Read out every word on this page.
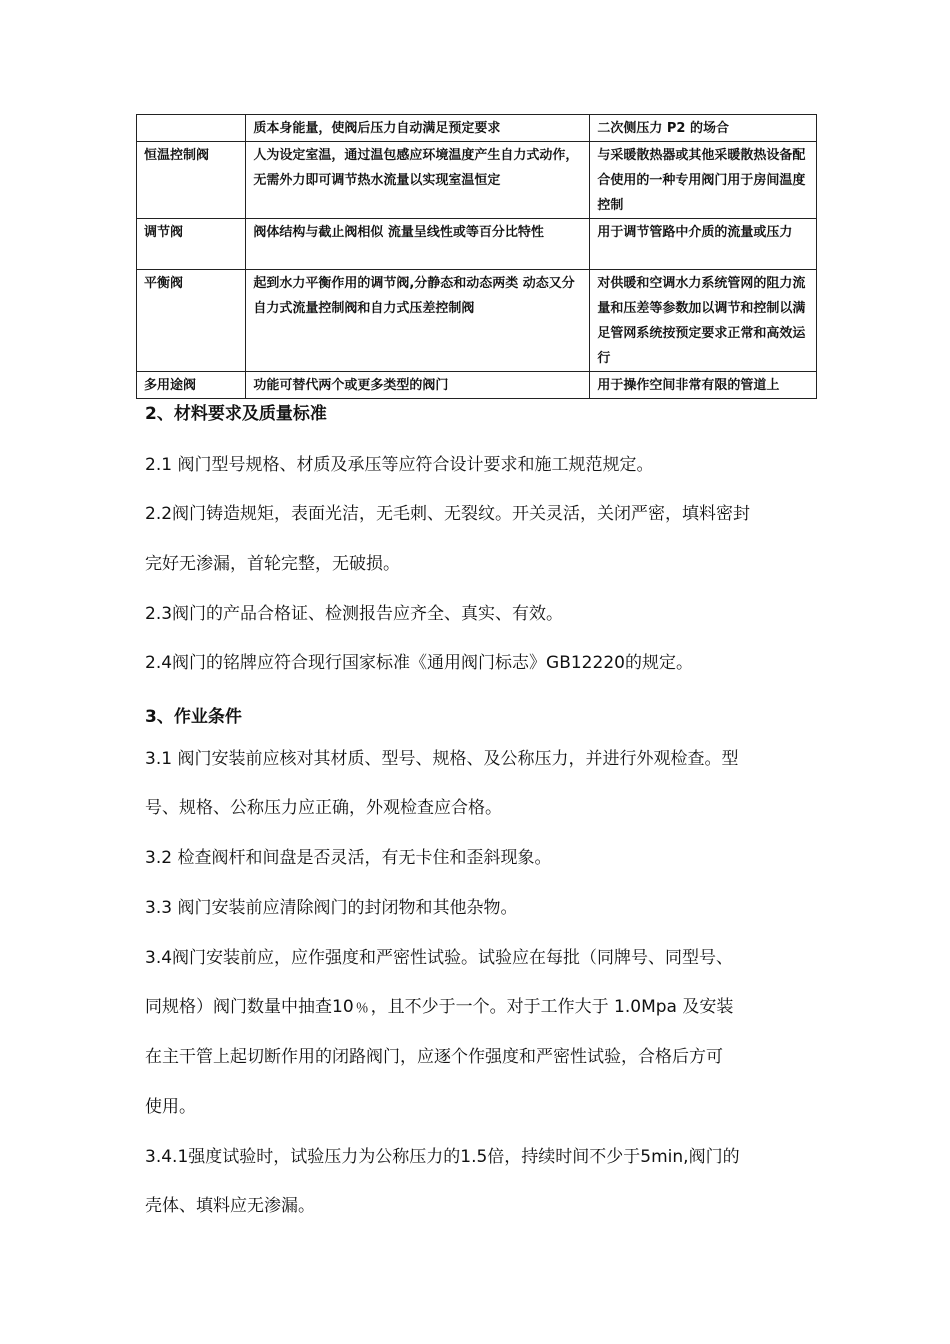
	质本身能量，使阀后压力自动满足预定要求	二次侧压力 P2 的场合
恒温控制阀	人为设定室温，通过温包感应环境温度产生自力式动作，无需外力即可调节热水流量以实现室温恒定	与采暖散热器或其他采暖散热设备配合使用的一种专用阀门用于房间温度控制
调节阀	阀体结构与截止阀相似 流量呈线性或等百分比特性	用于调节管路中介质的流量或压力
平衡阀	起到水力平衡作用的调节阀,分静态和动态两类 动态又分自力式流量控制阀和自力式压差控制阀	对供暖和空调水力系统管网的阻力流量和压差等参数加以调节和控制以满足管网系统按预定要求正常和高效运行
多用途阀	功能可替代两个或更多类型的阀门	用于操作空间非常有限的管道上
2、材料要求及质量标准

2.1 阀门型号规格、材质及承压等应符合设计要求和施工规范规定。

2.2阀门铸造规矩，表面光洁，无毛刺、无裂纹。开关灵活，关闭严密，填料密封

完好无渗漏，首轮完整，无破损。

2.3阀门的产品合格证、检测报告应齐全、真实、有效。

2.4阀门的铭牌应符合现行国家标准《通用阀门标志》GB12220的规定。

3、作业条件

3.1 阀门安装前应核对其材质、型号、规格、及公称压力，并进行外观检查。型

号、规格、公称压力应正确，外观检查应合格。

3.2 检查阀杆和间盘是否灵活，有无卡住和歪斜现象。

3.3 阀门安装前应清除阀门的封闭物和其他杂物。

3.4阀门安装前应，应作强度和严密性试验。试验应在每批（同牌号、同型号、

同规格）阀门数量中抽查10﹪，且不少于一个。对于工作大于 1.0Mpa 及安装

在主干管上起切断作用的闭路阀门，应逐个作强度和严密性试验，合格后方可

使用。

3.4.1强度试验时，试验压力为公称压力的1.5倍，持续时间不少于5min,阀门的

壳体、填料应无渗漏。
